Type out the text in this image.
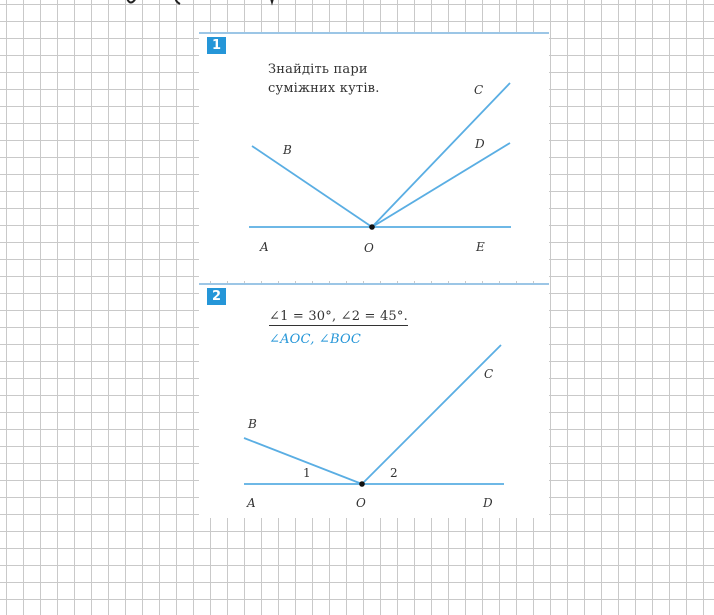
1
Знайдіть пари
суміжних кутів.
A	O	E
B
C
D
2
∠1 = 30°, ∠2 = 45°.
∠AOC, ∠BOC
A	O	D
B
C
1	2
